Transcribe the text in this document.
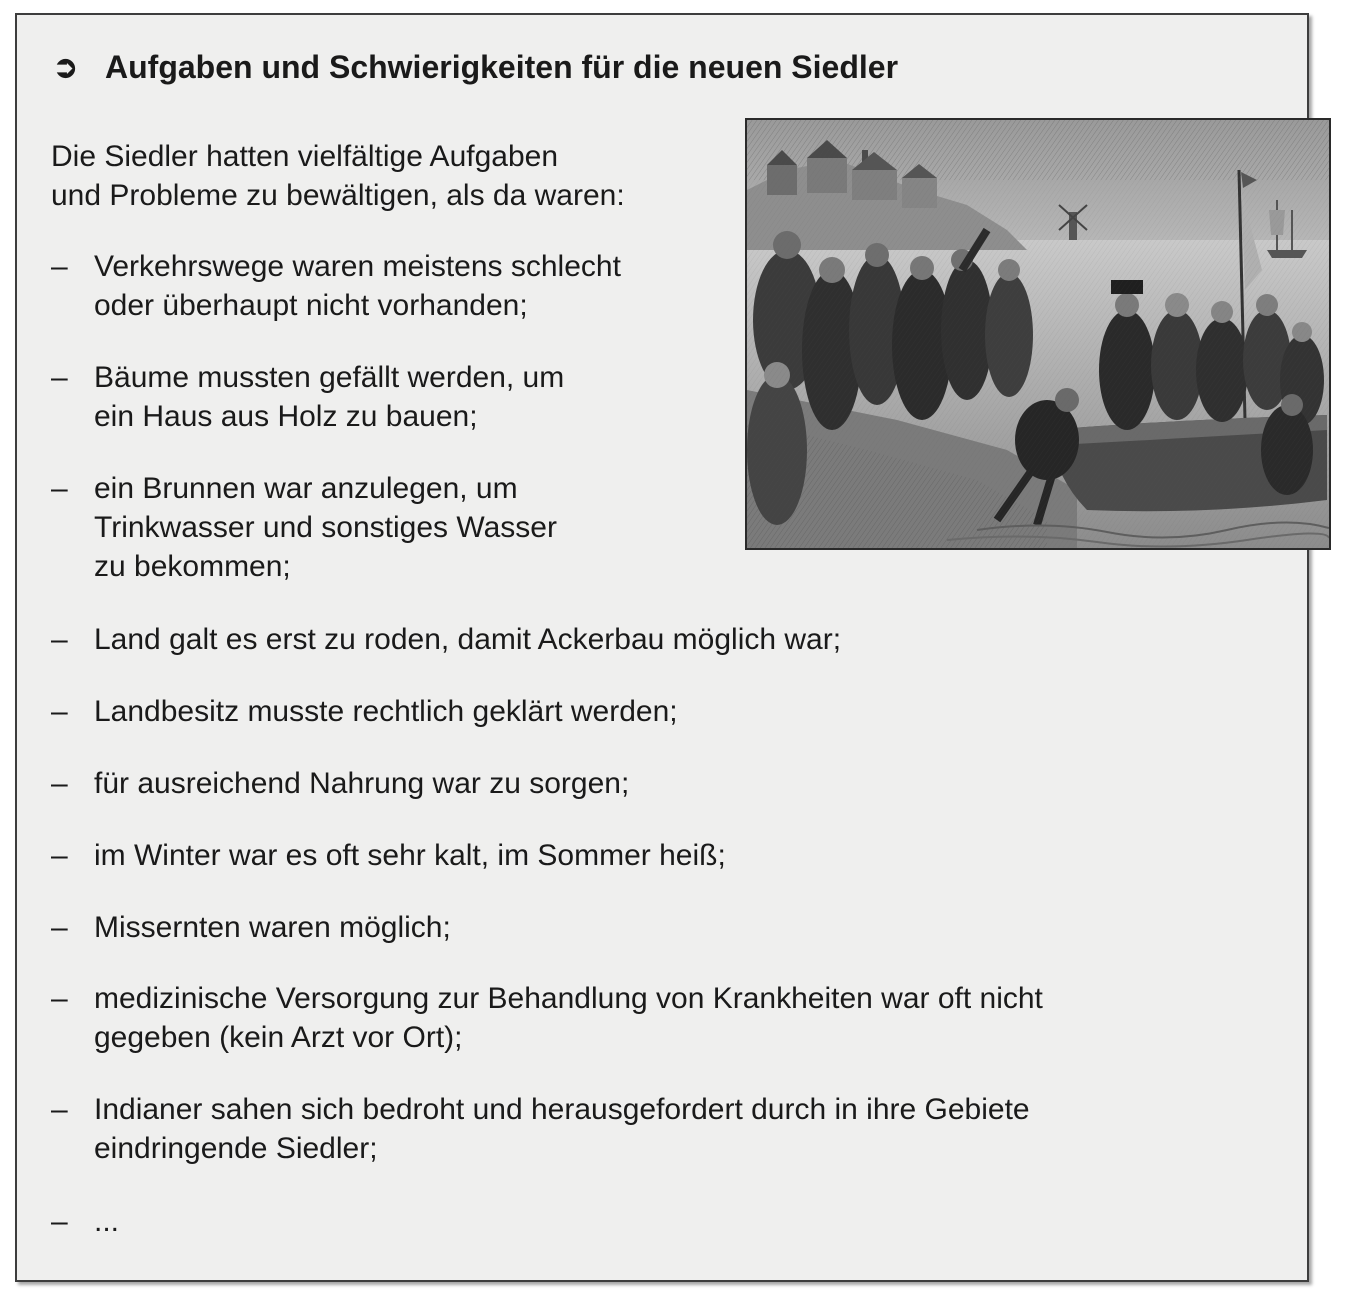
➲ Aufgaben und Schwierigkeiten für die neuen Siedler
Die Siedler hatten vielfältige Aufgaben
und Probleme zu bewältigen, als da waren:
– Verkehrswege waren meistens schlecht
oder überhaupt nicht vorhanden;
– Bäume mussten gefällt werden, um
ein Haus aus Holz zu bauen;
– ein Brunnen war anzulegen, um
Trinkwasser und sonstiges Wasser
zu bekommen;
– Land galt es erst zu roden, damit Ackerbau möglich war;
– Landbesitz musste rechtlich geklärt werden;
– für ausreichend Nahrung war zu sorgen;
– im Winter war es oft sehr kalt, im Sommer heiß;
– Missernten waren möglich;
– medizinische Versorgung zur Behandlung von Krankheiten war oft nicht
gegeben (kein Arzt vor Ort);
– Indianer sahen sich bedroht und herausgefordert durch in ihre Gebiete
eindringende Siedler;
– ...
